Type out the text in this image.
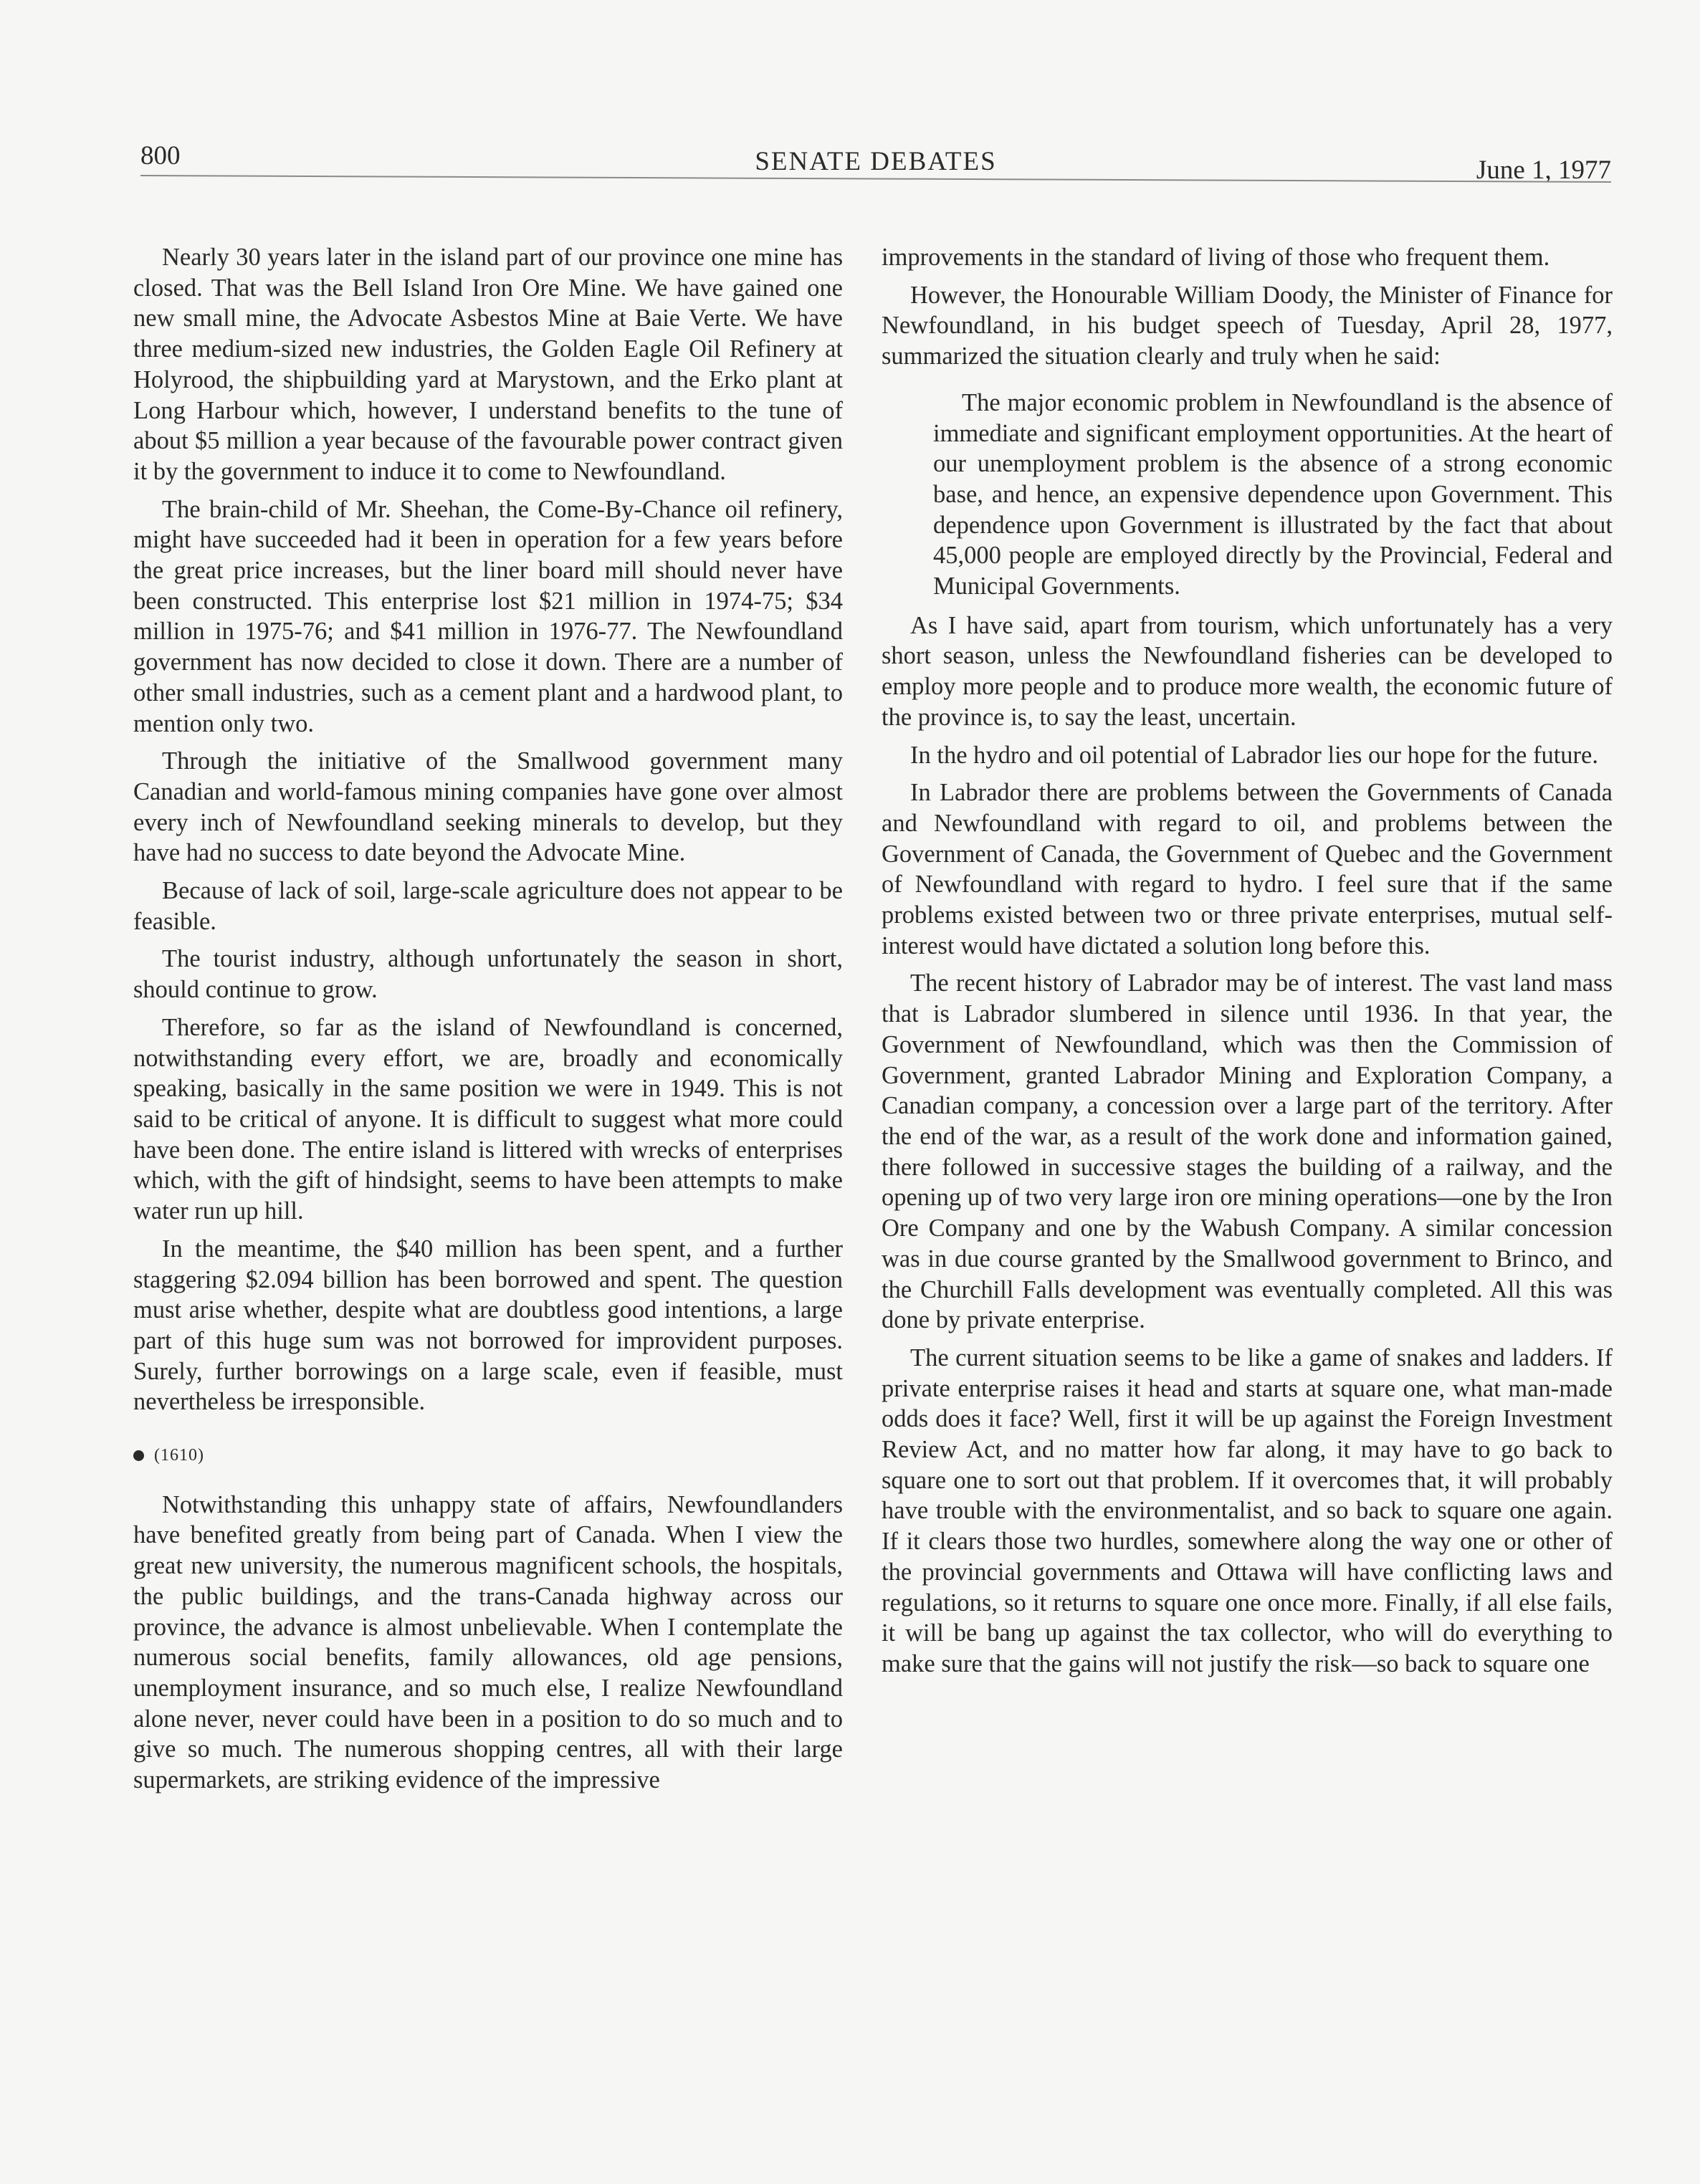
800	SENATE DEBATES	June 1, 1977

Nearly 30 years later in the island part of our province one mine has closed. That was the Bell Island Iron Ore Mine. We have gained one new small mine, the Advocate Asbestos Mine at Baie Verte. We have three medium-sized new industries, the Golden Eagle Oil Refinery at Holyrood, the shipbuilding yard at Marystown, and the Erko plant at Long Harbour which, however, I understand benefits to the tune of about $5 million a year because of the favourable power contract given it by the government to induce it to come to Newfoundland.

The brain-child of Mr. Sheehan, the Come-By-Chance oil refinery, might have succeeded had it been in operation for a few years before the great price increases, but the liner board mill should never have been constructed. This enterprise lost $21 million in 1974-75; $34 million in 1975-76; and $41 million in 1976-77. The Newfoundland government has now decided to close it down. There are a number of other small industries, such as a cement plant and a hardwood plant, to mention only two.

Through the initiative of the Smallwood government many Canadian and world-famous mining companies have gone over almost every inch of Newfoundland seeking minerals to develop, but they have had no success to date beyond the Advocate Mine.

Because of lack of soil, large-scale agriculture does not appear to be feasible.

The tourist industry, although unfortunately the season in short, should continue to grow.

Therefore, so far as the island of Newfoundland is concerned, notwithstanding every effort, we are, broadly and economically speaking, basically in the same position we were in 1949. This is not said to be critical of anyone. It is difficult to suggest what more could have been done. The entire island is littered with wrecks of enterprises which, with the gift of hindsight, seems to have been attempts to make water run up hill.

In the meantime, the $40 million has been spent, and a further staggering $2.094 billion has been borrowed and spent. The question must arise whether, despite what are doubtless good intentions, a large part of this huge sum was not borrowed for improvident purposes. Surely, further borrowings on a large scale, even if feasible, must nevertheless be irresponsible.

(1610)

Notwithstanding this unhappy state of affairs, Newfoundlanders have benefited greatly from being part of Canada. When I view the great new university, the numerous magnificent schools, the hospitals, the public buildings, and the trans-Canada highway across our province, the advance is almost unbelievable. When I contemplate the numerous social benefits, family allowances, old age pensions, unemployment insurance, and so much else, I realize Newfoundland alone never, never could have been in a position to do so much and to give so much. The numerous shopping centres, all with their large supermarkets, are striking evidence of the impressive

improvements in the standard of living of those who frequent them.

However, the Honourable William Doody, the Minister of Finance for Newfoundland, in his budget speech of Tuesday, April 28, 1977, summarized the situation clearly and truly when he said:

The major economic problem in Newfoundland is the absence of immediate and significant employment opportunities. At the heart of our unemployment problem is the absence of a strong economic base, and hence, an expensive dependence upon Government. This dependence upon Government is illustrated by the fact that about 45,000 people are employed directly by the Provincial, Federal and Municipal Governments.

As I have said, apart from tourism, which unfortunately has a very short season, unless the Newfoundland fisheries can be developed to employ more people and to produce more wealth, the economic future of the province is, to say the least, uncertain.

In the hydro and oil potential of Labrador lies our hope for the future.

In Labrador there are problems between the Governments of Canada and Newfoundland with regard to oil, and problems between the Government of Canada, the Government of Quebec and the Government of Newfoundland with regard to hydro. I feel sure that if the same problems existed between two or three private enterprises, mutual self-interest would have dictated a solution long before this.

The recent history of Labrador may be of interest. The vast land mass that is Labrador slumbered in silence until 1936. In that year, the Government of Newfoundland, which was then the Commission of Government, granted Labrador Mining and Exploration Company, a Canadian company, a concession over a large part of the territory. After the end of the war, as a result of the work done and information gained, there followed in successive stages the building of a railway, and the opening up of two very large iron ore mining operations—one by the Iron Ore Company and one by the Wabush Company. A similar concession was in due course granted by the Smallwood government to Brinco, and the Churchill Falls development was eventually completed. All this was done by private enterprise.

The current situation seems to be like a game of snakes and ladders. If private enterprise raises it head and starts at square one, what man-made odds does it face? Well, first it will be up against the Foreign Investment Review Act, and no matter how far along, it may have to go back to square one to sort out that problem. If it overcomes that, it will probably have trouble with the environmentalist, and so back to square one again. If it clears those two hurdles, somewhere along the way one or other of the provincial governments and Ottawa will have conflicting laws and regulations, so it returns to square one once more. Finally, if all else fails, it will be bang up against the tax collector, who will do everything to make sure that the gains will not justify the risk—so back to square one
